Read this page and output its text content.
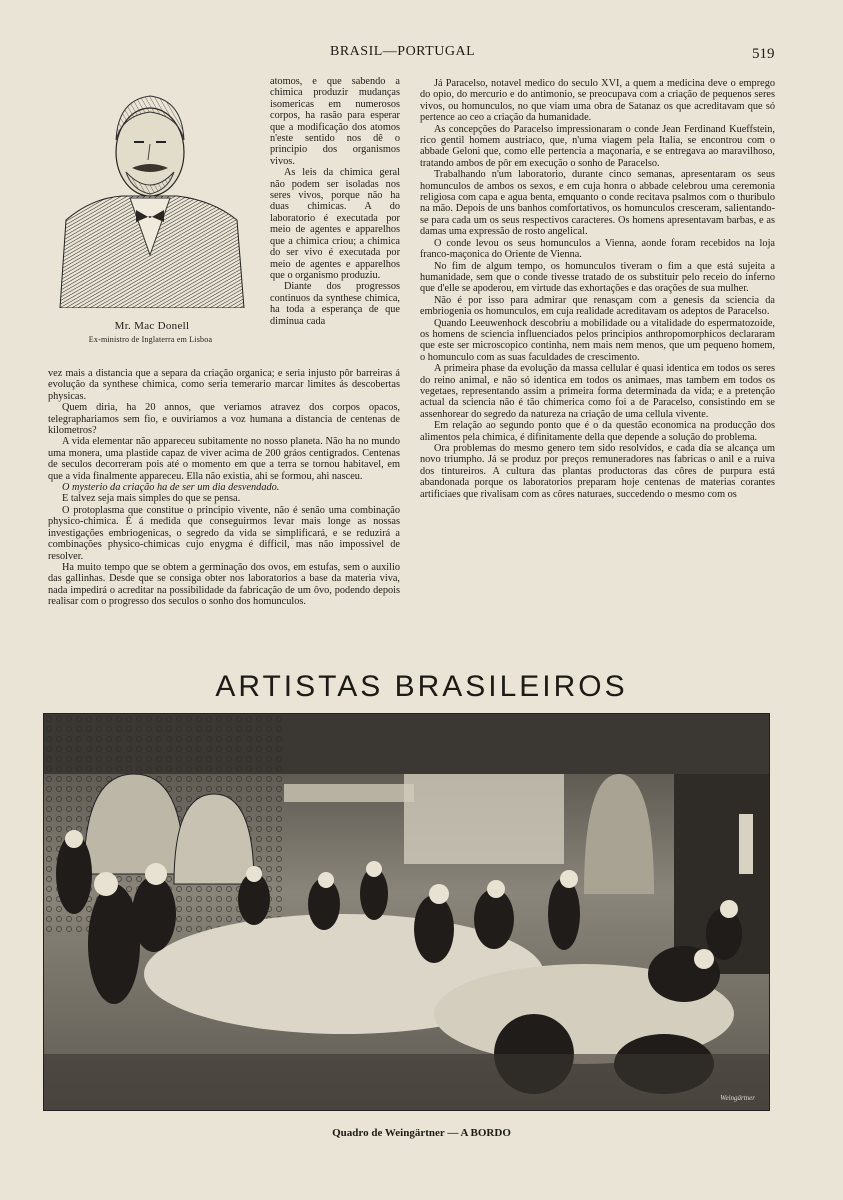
BRASIL—PORTUGAL	519
Mr. Mac Donell
Ex-ministro de Inglaterra em Lisboa

atomos, e que sabendo a chimica produzir mudanças isomericas em numerosos corpos, ha rasão para esperar que a modificação dos atomos n'este sentido nos dê o principio dos organismos vivos.

As leis da chimica geral não podem ser isoladas nos seres vivos, porque não ha duas chimicas. A do laboratorio é executada por meio de agentes e apparelhos que a chimica criou; a chimica do ser vivo é executada por meio de agentes e apparelhos que o organismo produziu.

Diante dos progressos continuos da synthese chimica, ha toda a esperança de que diminua cada

vez mais a distancia que a separa da criação organica; e seria injusto pôr barreiras á evolução da synthese chimica, como seria temerario marcar limites ás descobertas physicas.

Quem diria, ha 20 annos, que veriamos atravez dos corpos opacos, telegraphariamos sem fio, e ouviriamos a voz humana a distancia de centenas de kilometros?

A vida elementar não appareceu subitamente no nosso planeta. Não ha no mundo uma monera, uma plastide capaz de viver acima de 200 gráos centigrados. Centenas de seculos decorreram pois até o momento em que a terra se tornou habitavel, em que a vida finalmente appareceu. Ella não existia, ahi se formou, ahi nasceu.

O mysterio da criação ha de ser um dia desvendado.

E talvez seja mais simples do que se pensa.

O protoplasma que constitue o principio vivente, não é senão uma combinação physico-chimica. É á medida que conseguirmos levar mais longe as nossas investigações embriogenicas, o segredo da vida se simplificará, e se reduzirá a combinações physico-chimicas cujo enygma é difficil, mas não impossivel de resolver.

Ha muito tempo que se obtem a germinação dos ovos, em estufas, sem o auxilio das gallinhas. Desde que se consiga obter nos laboratorios a base da materia viva, nada impedirá o acreditar na possibilidade da fabricação de um ôvo, podendo depois realisar com o progresso dos seculos o sonho dos homunculos.

Já Paracelso, notavel medico do seculo XVI, a quem a medicina deve o emprego do opio, do mercurio e do antimonio, se preocupava com a criação de pequenos seres vivos, ou homunculos, no que viam uma obra de Satanaz os que acreditavam que só pertence ao ceo a criação da humanidade.

As concepções do Paracelso impressionaram o conde Jean Ferdinand Kueffstein, rico gentil homem austriaco, que, n'uma viagem pela Italia, se encontrou com o abbade Geloni que, como elle pertencia a maçonaria, e se entregava ao maravilhoso, tratando ambos de pôr em execução o sonho de Paracelso.

Trabalhando n'um laboratorio, durante cinco semanas, apresentaram os seus homunculos de ambos os sexos, e em cuja honra o abbade celebrou uma ceremonia religiosa com capa e agua benta, emquanto o conde recitava psalmos com o thuribulo na mão. Depois de uns banhos comfortativos, os homunculos cresceram, salientando-se para cada um os seus respectivos caracteres. Os homens apresentavam barbas, e as damas uma expressão de rosto angelical.

O conde levou os seus homunculos a Vienna, aonde foram recebidos na loja franco-maçonica do Oriente de Vienna.

No fim de algum tempo, os homunculos tiveram o fim a que está sujeita a humanidade, sem que o conde tivesse tratado de os substituir pelo receio do inferno que d'elle se apoderou, em virtude das exhortações e das orações de sua mulher.

Não é por isso para admirar que renasçam com a genesis da sciencia da embriogenia os homunculos, em cuja realidade acreditavam os adeptos de Paracelso.

Quando Leeuwenhock descobriu a mobilidade ou a vitalidade do espermatozoide, os homens de sciencia influenciados pelos principios anthropomorphicos declararam que este ser microscopico continha, nem mais nem menos, que um pequeno homem, o homunculo com as suas faculdades de crescimento.

A primeira phase da evolução da massa cellular é quasi identica em todos os seres do reino animal, e não só identica em todos os animaes, mas tambem em todos os vegetaes, representando assim a primeira forma determinada da vida; e a pretenção actual da sciencia não é tão chimerica como foi a de Paracelso, consistindo em se assenhorear do segredo da natureza na criação de uma cellula vivente.

Em relação ao segundo ponto que é o da questão economica na producção dos alimentos pela chimica, é difinitamente della que depende a solução do problema.

Ora problemas do mesmo genero tem sido resolvidos, e cada dia se alcança um novo triumpho. Já se produz por preços remuneradores nas fabricas o anil e a ruiva dos tintureiros. A cultura das plantas productoras das côres de purpura está abandonada porque os laboratorios preparam hoje centenas de materias corantes artificiaes que rivalisam com as côres naturaes, succedendo o mesmo com os

ARTISTAS BRASILEIROS
Weingärtner
Quadro de Weingärtner — A BORDO
